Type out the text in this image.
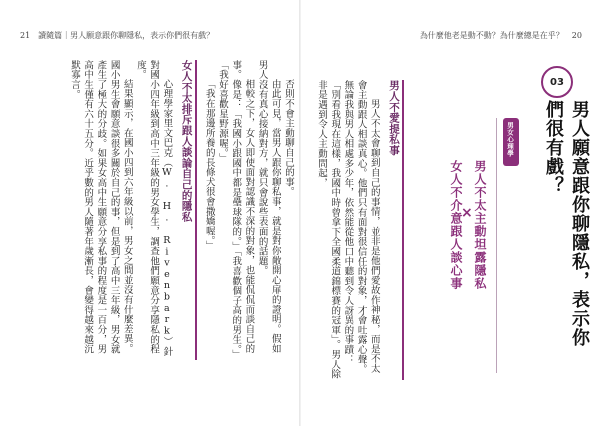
21　讀隨篇｜男人願意跟你聊隱私，表示你們很有戲？	為什麼他老是動不動？為什麼總是在乎？　20
03
男人願意跟你聊隱私，表示你們很有戲？
男女心理學
男人不太主動坦露隱私
×
女人不介意跟人談心事
男人不愛提私事

男人不太會聊到自己的事情，並非是他們愛故作神秘，而是不太會主動跟人相談真心。他們只有面對很信任的對象，才會吐露心聲。無論我與男人相處多少年，依然能從他口中聽到令人訝異的事蹟：「別看我現在這樣，我國中時曾拿下全國柔道錦標賽的冠軍」。男人除非是遇到令人主動問起，

否則不會主動聊自己的事。

由此可見，當男人跟你聊私事，就是對你敞開心扉的證明。假如男人沒有真心接納對方，就只會說些表面的話題。

相較之下，女人即使面對認識不深的對象，也能侃侃而談自己的事。像是：「我國小跟國中都是壘球隊的。」「我喜歡個子高的男生。」「我好喜歡星野源喔。」

「我在那邊所養的長條犬很會撒嬌喔。」

女人不太排斥跟人談論自己的隱私

心理學家里文巴克（W. H. Rivenbark）針對國小四年級到高中三年級的男女學生，調查他們願意分享隱私的程度。

結果顯示，在國小四到六年級以前，男女之間並沒有什麼差異。國小男生會願意談很多關於自己的事，但是到了高中三年級，男女就產生了極大的分歧。如果女高中生願意分享私事的程度是一百分，男高中生僅有六十五分。近乎數的男人隨著年歲漸長，會變得越來越沉默寡言。
